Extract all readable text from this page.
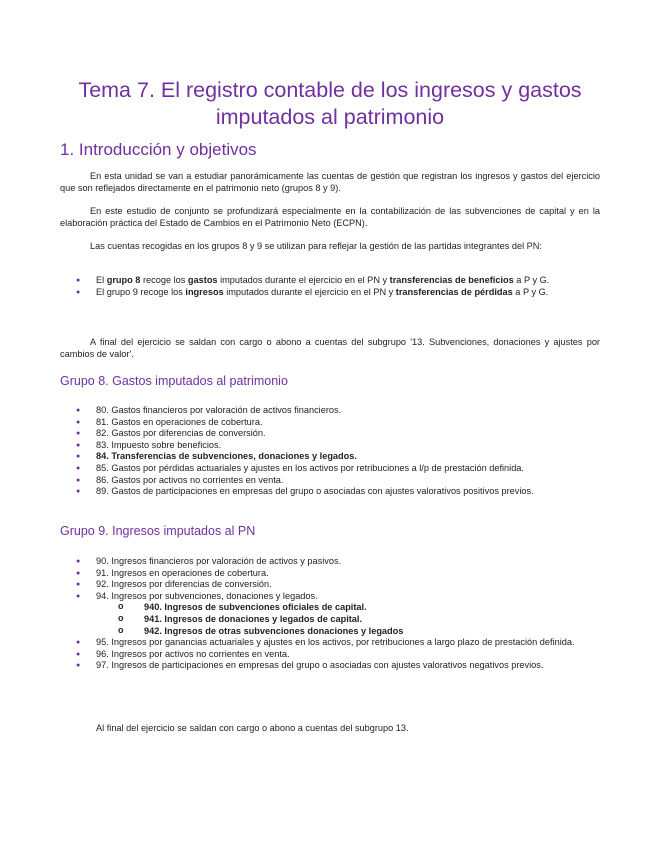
Tema 7. El registro contable de los ingresos y gastos
imputados al patrimonio
1. Introducción y objetivos

En esta unidad se van a estudiar panorámicamente las cuentas de gestión que registran los ingresos y gastos del ejercicio que son reflejados directamente en el patrimonio neto (grupos 8 y 9).

En este estudio de conjunto se profundizará especialmente en la contabilización de las subvenciones de capital y en la elaboración práctica del Estado de Cambios en el Patrimonio Neto (ECPN).

Las cuentas recogidas en los grupos 8 y 9 se utilizan para reflejar la gestión de las partidas integrantes del PN:

● El grupo 8 recoge los gastos imputados durante el ejercicio en el PN y transferencias de beneficios a P y G.
● El grupo 9 recoge los ingresos imputados durante el ejercicio en el PN y transferencias de pérdidas a P y G.

A final del ejercicio se saldan con cargo o abono a cuentas del subgrupo '13. Subvenciones, donaciones y ajustes por cambios de valor'.

Grupo 8. Gastos imputados al patrimonio
● 80. Gastos financieros por valoración de activos financieros.
● 81. Gastos en operaciones de cobertura.
● 82. Gastos por diferencias de conversión.
● 83. Impuesto sobre beneficios.
● 84. Transferencias de subvenciones, donaciones y legados.
● 85. Gastos por pérdidas actuariales y ajustes en los activos por retribuciones a l/p de prestación definida.
● 86. Gastos por activos no corrientes en venta.
● 89. Gastos de participaciones en empresas del grupo o asociadas con ajustes valorativos positivos previos.
Grupo 9. Ingresos imputados al PN
● 90. Ingresos financieros por valoración de activos y pasivos.
● 91. Ingresos en operaciones de cobertura.
● 92. Ingresos por diferencias de conversión.
● 94. Ingresos por subvenciones, donaciones y legados.
o 940. Ingresos de subvenciones oficiales de capital.
o 941. Ingresos de donaciones y legados de capital.
o 942. Ingresos de otras subvenciones donaciones y legados
● 95. Ingresos por ganancias actuariales y ajustes en los activos, por retribuciones a largo plazo de prestación definida.
● 96. Ingresos por activos no corrientes en venta.
● 97. Ingresos de participaciones en empresas del grupo o asociadas con ajustes valorativos negativos previos.

Al final del ejercicio se saldan con cargo o abono a cuentas del subgrupo 13.
